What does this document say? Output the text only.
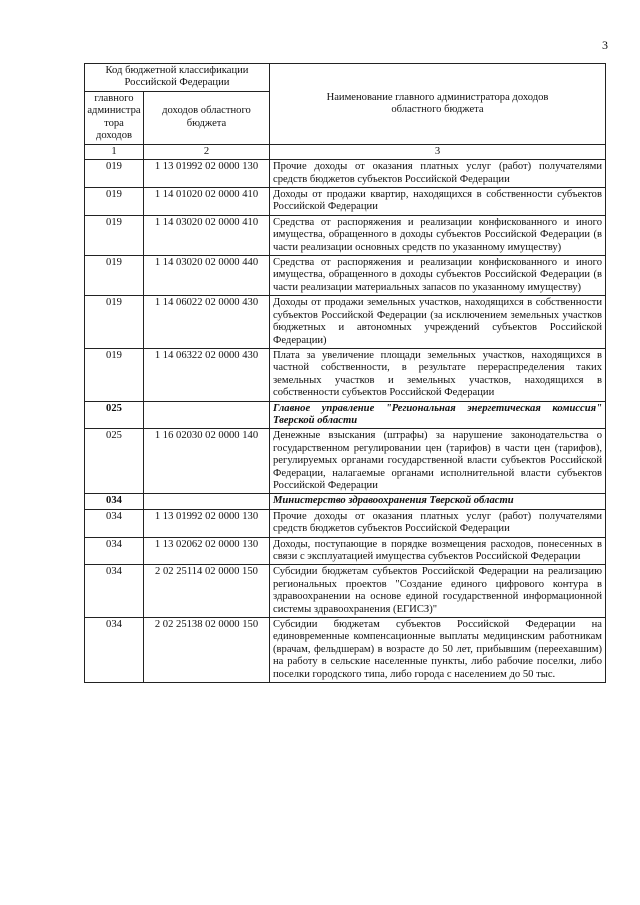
3
Код бюджетной классификации Российской Федерации		Наименование главного администратора доходов областного бюджета
главного администра тора доходов	доходов областного бюджета	
1	2	3
019	1 13 01992 02 0000 130	Прочие доходы от оказания платных услуг (работ) получателями средств бюджетов субъектов Российской Федерации
019	1 14 01020 02 0000 410	Доходы от продажи квартир, находящихся в собственности субъектов Российской Федерации
019	1 14 03020 02 0000 410	Средства от распоряжения и реализации конфискованного и иного имущества, обращенного в доходы субъектов Российской Федерации (в части реализации основных средств по указанному имуществу)
019	1 14 03020 02 0000 440	Средства от распоряжения и реализации конфискованного и иного имущества, обращенного в доходы субъектов Российской Федерации (в части реализации материальных запасов по указанному имуществу)
019	1 14 06022 02 0000 430	Доходы от продажи земельных участков, находящихся в собственности субъектов Российской Федерации (за исключением земельных участков бюджетных и автономных учреждений субъектов Российской Федерации)
019	1 14 06322 02 0000 430	Плата за увеличение площади земельных участков, находящихся в частной собственности, в результате перераспределения таких земельных участков и земельных участков, находящихся в собственности субъектов Российской Федерации
025		Главное управление "Региональная энергетическая комиссия" Тверской области
025	1 16 02030 02 0000 140	Денежные взыскания (штрафы) за нарушение законодательства о государственном регулировании цен (тарифов) в части цен (тарифов), регулируемых органами государственной власти субъектов Российской Федерации, налагаемые органами исполнительной власти субъектов Российской Федерации
034		Министерство здравоохранения Тверской области
034	1 13 01992 02 0000 130	Прочие доходы от оказания платных услуг (работ) получателями средств бюджетов субъектов Российской Федерации
034	1 13 02062 02 0000 130	Доходы, поступающие в порядке возмещения расходов, понесенных в связи с эксплуатацией имущества субъектов Российской Федерации
034	2 02 25114 02 0000 150	Субсидии бюджетам субъектов Российской Федерации на реализацию региональных проектов "Создание единого цифрового контура в здравоохранении на основе единой государственной информационной системы здравоохранения (ЕГИСЗ)"
034	2 02 25138 02 0000 150	Субсидии бюджетам субъектов Российской Федерации на единовременные компенсационные выплаты медицинским работникам (врачам, фельдшерам) в возрасте до 50 лет, прибывшим (переехавшим) на работу в сельские населенные пункты, либо рабочие поселки, либо поселки городского типа, либо города с населением до 50 тыс.
